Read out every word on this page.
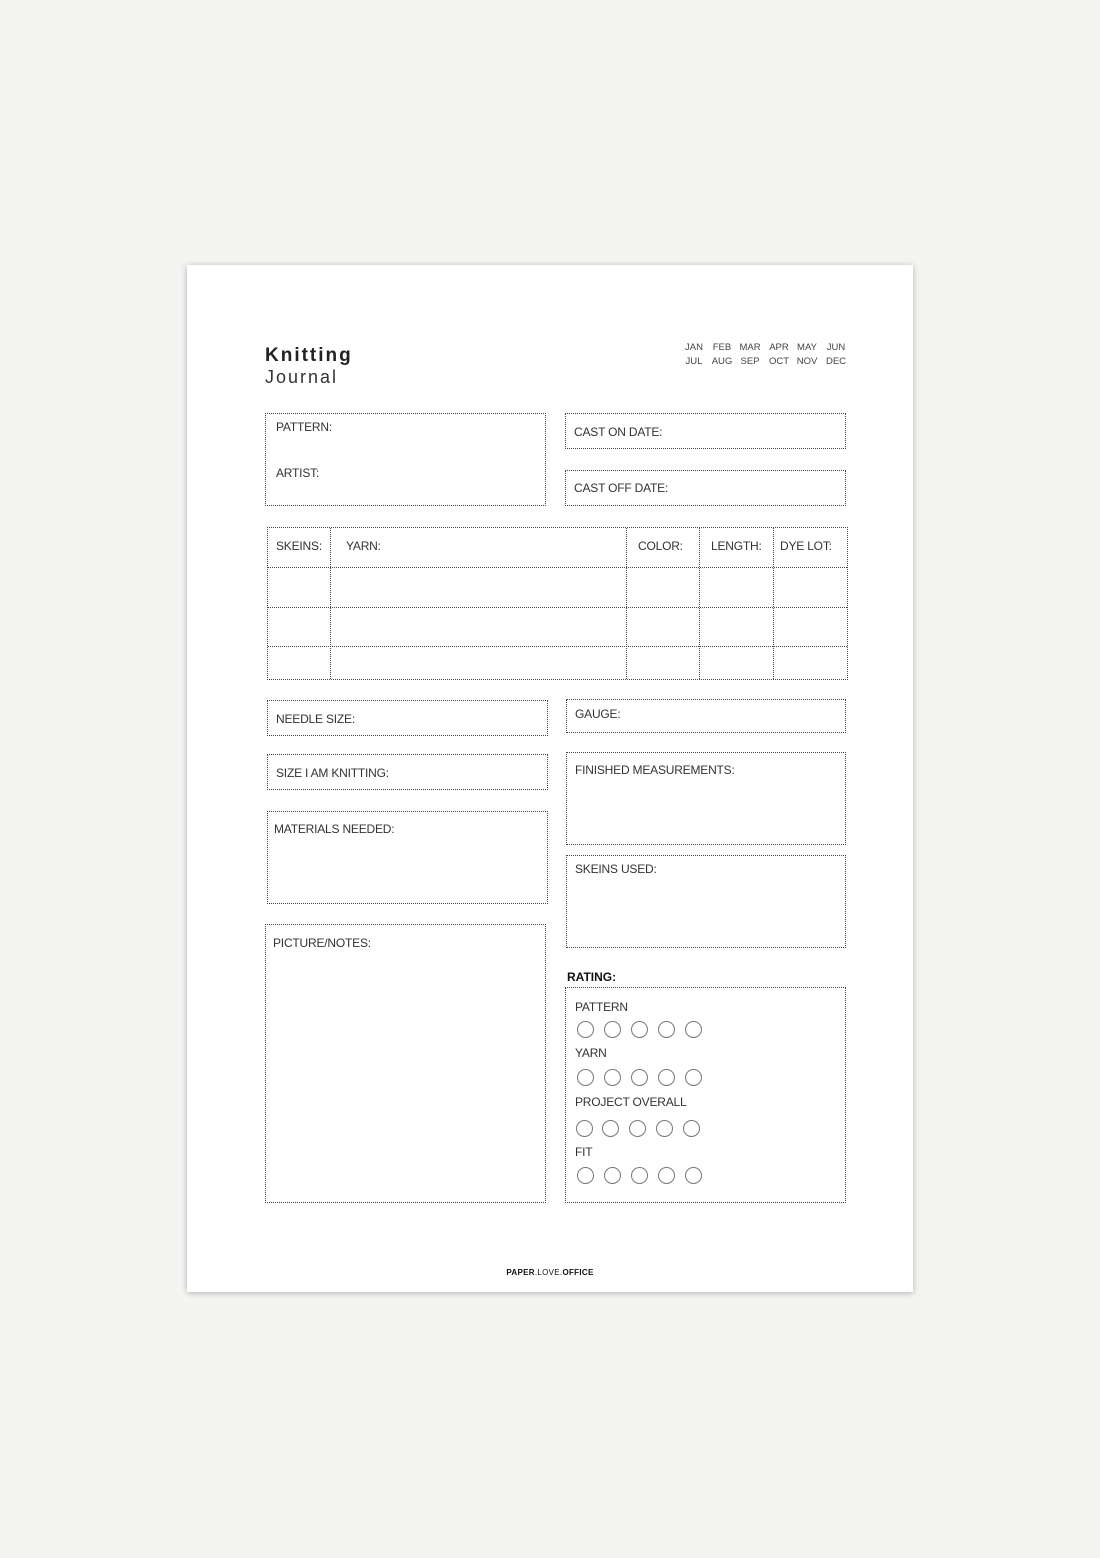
Knitting
Journal
JAN	FEB MAR APR MAY	JUN
JUL AUG SEP OCT NOV DEC
PATTERN:
ARTIST:
CAST ON DATE:
CAST OFF DATE:
SKEINS: YARN:	COLOR: LENGTH: DYE LOT:
NEEDLE SIZE:	GAUGE:
SIZE I AM KNITTING:	FINISHED MEASUREMENTS:
MATERIALS NEEDED:
SKEINS USED:
PICTURE/NOTES:
RATING:
PATTERN
YARN
PROJECT OVERALL
FIT
PAPER.LOVE.OFFICE
